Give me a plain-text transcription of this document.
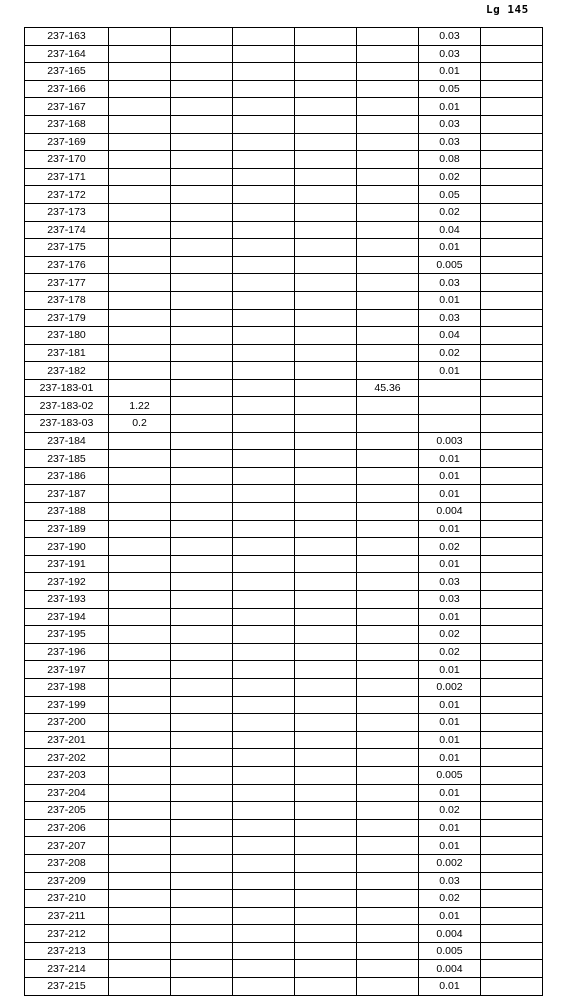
Lg 145
237-163						0.03	
237-164						0.03	
237-165						0.01	
237-166						0.05	
237-167						0.01	
237-168						0.03	
237-169						0.03	
237-170						0.08	
237-171						0.02	
237-172						0.05	
237-173						0.02	
237-174						0.04	
237-175						0.01	
237-176						0.005	
237-177						0.03	
237-178						0.01	
237-179						0.03	
237-180						0.04	
237-181						0.02	
237-182						0.01	
237-183-01					45.36		
237-183-02	1.22						
237-183-03	0.2						
237-184						0.003	
237-185						0.01	
237-186						0.01	
237-187						0.01	
237-188						0.004	
237-189						0.01	
237-190						0.02	
237-191						0.01	
237-192						0.03	
237-193						0.03	
237-194						0.01	
237-195						0.02	
237-196						0.02	
237-197						0.01	
237-198						0.002	
237-199						0.01	
237-200						0.01	
237-201						0.01	
237-202						0.01	
237-203						0.005	
237-204						0.01	
237-205						0.02	
237-206						0.01	
237-207						0.01	
237-208						0.002	
237-209						0.03	
237-210						0.02	
237-211						0.01	
237-212						0.004	
237-213						0.005	
237-214						0.004	
237-215						0.01	
